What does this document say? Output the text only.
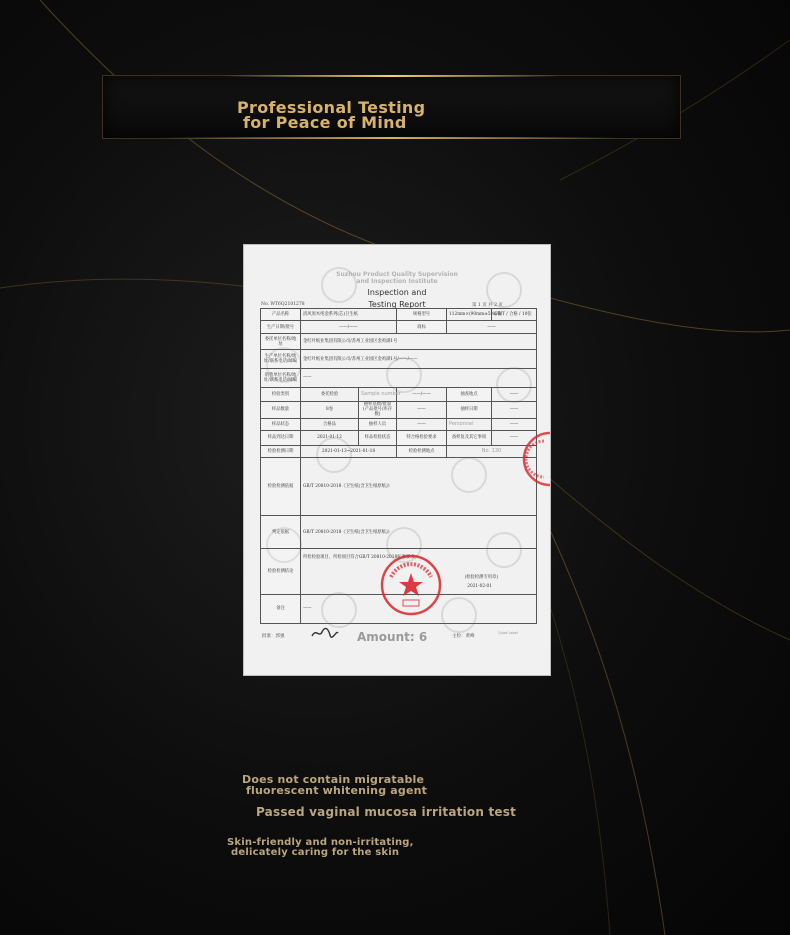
Professional Testing
for Peace of Mind
Suzhou Product Quality Supervision
and Inspection Institute
Inspection and
Testing Report
No. WT6Q2101278	第 1 页 共 2 页
产品名称	清风原木纯金系列(芯)卫生纸		规格型号	112mm×(90mm±5%)/张	GB/T / 合格 / 10张
生产日期/批号	——/——		商标	——	
委托单位名称/地址	金红叶纸业集团有限公司/苏州工业园区金鸡湖1号				
生产单位名称/地址/联系电话/邮编	金红叶纸业集团有限公司/苏州工业园区金鸡湖1号/——/——				
销售单位名称/地址/联系电话/邮编	——				
检验类别	委托检验	Sample number	——/——	抽查地点	——
样品数量	8卷	抽样基数/批量(产品批号/库存数)	——	抽样日期	——
样品状态	合格品	抽样人员	——	Personnel	——
样品到达日期	2021-01-12	样品检验状态	特合格检验要求	备样复及其它事项	——
检验检测日期	2021-01-13~2021-01-18		检验检测地点	No. 130	
检验检测依据	GB/T 20810-2018《卫生纸(含卫生纸原纸)》				
判定依据	GB/T 20810-2018《卫生纸(含卫生纸原纸)》				
检验检测结论	所检检验项目，所检项目符合GB/T 20810-2018标准要求。
(检验检测专用章)
2021-02-01				

备注	——				
批准：郭强	主检：黄峰
Quad Label
Amount: 6

Does not contain migratable
fluorescent whitening agent

Passed vaginal mucosa irritation test

Skin-friendly and non-irritating,
delicately caring for the skin
